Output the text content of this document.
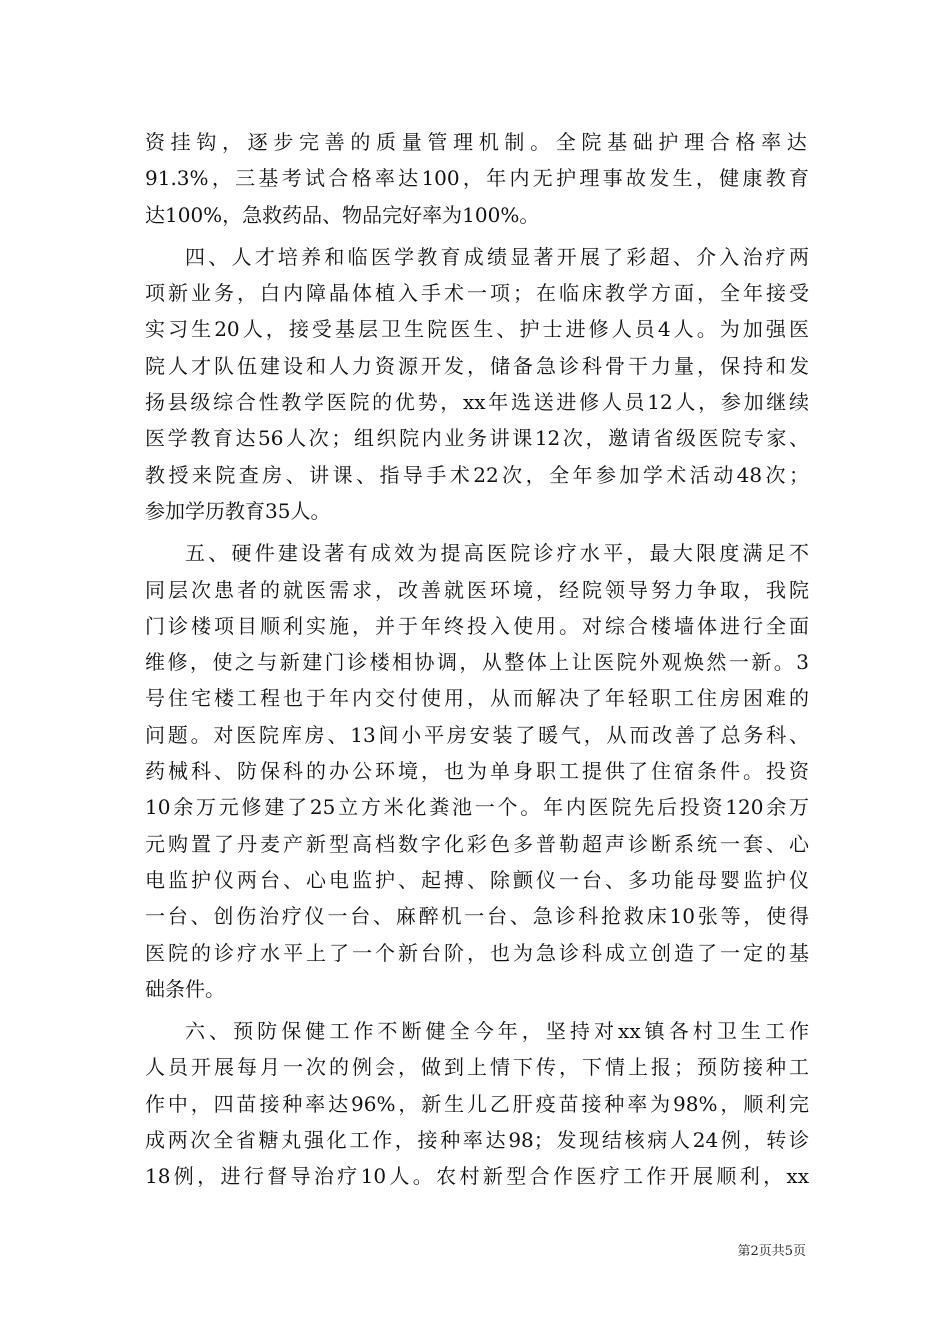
资挂钩，逐步完善的质量管理机制。全院基础护理合格率达
91.3%，三基考试合格率达100，年内无护理事故发生，健康教育
达100%，急救药品、物品完好率为100%。
四、人才培养和临医学教育成绩显著开展了彩超、介入治疗两
项新业务，白内障晶体植入手术一项；在临床教学方面，全年接受
实习生20人，接受基层卫生院医生、护士进修人员4人。为加强医
院人才队伍建设和人力资源开发，储备急诊科骨干力量，保持和发
扬县级综合性教学医院的优势，xx年选送进修人员12人，参加继续
医学教育达56人次；组织院内业务讲课12次，邀请省级医院专家、
教授来院查房、讲课、指导手术22次，全年参加学术活动48次；
参加学历教育35人。
五、硬件建设著有成效为提高医院诊疗水平，最大限度满足不
同层次患者的就医需求，改善就医环境，经院领导努力争取，我院
门诊楼项目顺利实施，并于年终投入使用。对综合楼墙体进行全面
维修，使之与新建门诊楼相协调，从整体上让医院外观焕然一新。3
号住宅楼工程也于年内交付使用，从而解决了年轻职工住房困难的
问题。对医院库房、13间小平房安装了暖气，从而改善了总务科、
药械科、防保科的办公环境，也为单身职工提供了住宿条件。投资
10余万元修建了25立方米化粪池一个。年内医院先后投资120余万
元购置了丹麦产新型高档数字化彩色多普勒超声诊断系统一套、心
电监护仪两台、心电监护、起搏、除颤仪一台、多功能母婴监护仪
一台、创伤治疗仪一台、麻醉机一台、急诊科抢救床10张等，使得
医院的诊疗水平上了一个新台阶，也为急诊科成立创造了一定的基
础条件。
六、预防保健工作不断健全今年，坚持对xx镇各村卫生工作
人员开展每月一次的例会，做到上情下传，下情上报；预防接种工
作中，四苗接种率达96%，新生儿乙肝疫苗接种率为98%，顺利完
成两次全省糖丸强化工作，接种率达98；发现结核病人24例，转诊
18例，进行督导治疗10人。农村新型合作医疗工作开展顺利，xx
第2页共5页
